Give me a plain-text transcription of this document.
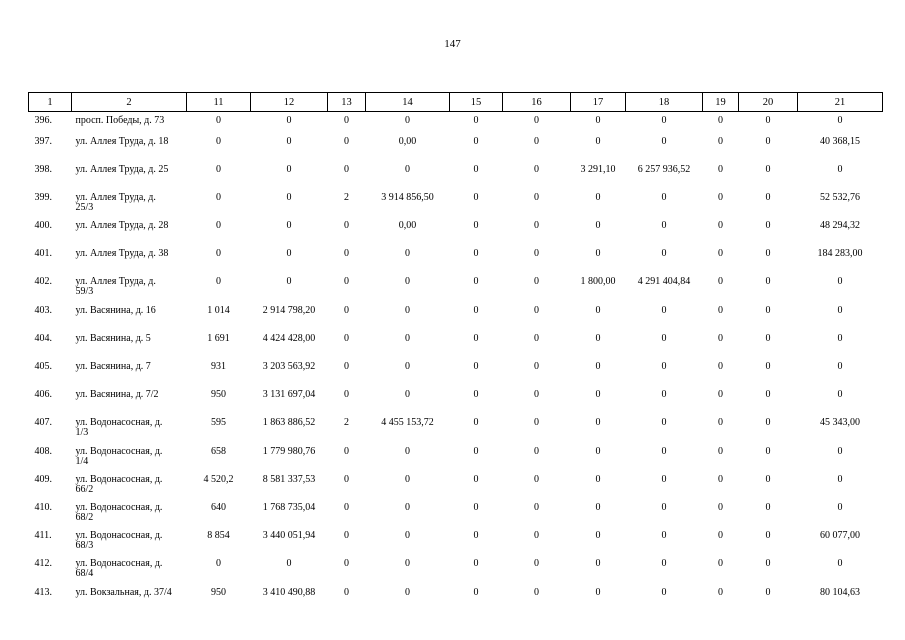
147
1	2	11	12	13	14	15	16	17	18	19	20	21
396.	просп. Победы, д. 73	0	0	0	0	0	0	0	0	0	0	0
397.	ул. Аллея Труда, д. 18	0	0	0	0,00	0	0	0	0	0	0	40 368,15
398.	ул. Аллея Труда, д. 25	0	0	0	0	0	0	3 291,10	6 257 936,52	0	0	0
399.	ул. Аллея Труда, д. 25/3	0	0	2	3 914 856,50	0	0	0	0	0	0	52 532,76
400.	ул. Аллея Труда, д. 28	0	0	0	0,00	0	0	0	0	0	0	48 294,32
401.	ул. Аллея Труда, д. 38	0	0	0	0	0	0	0	0	0	0	184 283,00
402.	ул. Аллея Труда, д. 59/3	0	0	0	0	0	0	1 800,00	4 291 404,84	0	0	0
403.	ул. Васянина, д. 16	1 014	2 914 798,20	0	0	0	0	0	0	0	0	0
404.	ул. Васянина, д. 5	1 691	4 424 428,00	0	0	0	0	0	0	0	0	0
405.	ул. Васянина, д. 7	931	3 203 563,92	0	0	0	0	0	0	0	0	0
406.	ул. Васянина, д. 7/2	950	3 131 697,04	0	0	0	0	0	0	0	0	0
407.	ул. Водонасосная, д. 1/3	595	1 863 886,52	2	4 455 153,72	0	0	0	0	0	0	45 343,00
408.	ул. Водонасосная, д. 1/4	658	1 779 980,76	0	0	0	0	0	0	0	0	0
409.	ул. Водонасосная, д. 66/2	4 520,2	8 581 337,53	0	0	0	0	0	0	0	0	0
410.	ул. Водонасосная, д. 68/2	640	1 768 735,04	0	0	0	0	0	0	0	0	0
411.	ул. Водонасосная, д. 68/3	8 854	3 440 051,94	0	0	0	0	0	0	0	0	60 077,00
412.	ул. Водонасосная, д. 68/4	0	0	0	0	0	0	0	0	0	0	0
413.	ул. Вокзальная, д. 37/4	950	3 410 490,88	0	0	0	0	0	0	0	0	80 104,63
